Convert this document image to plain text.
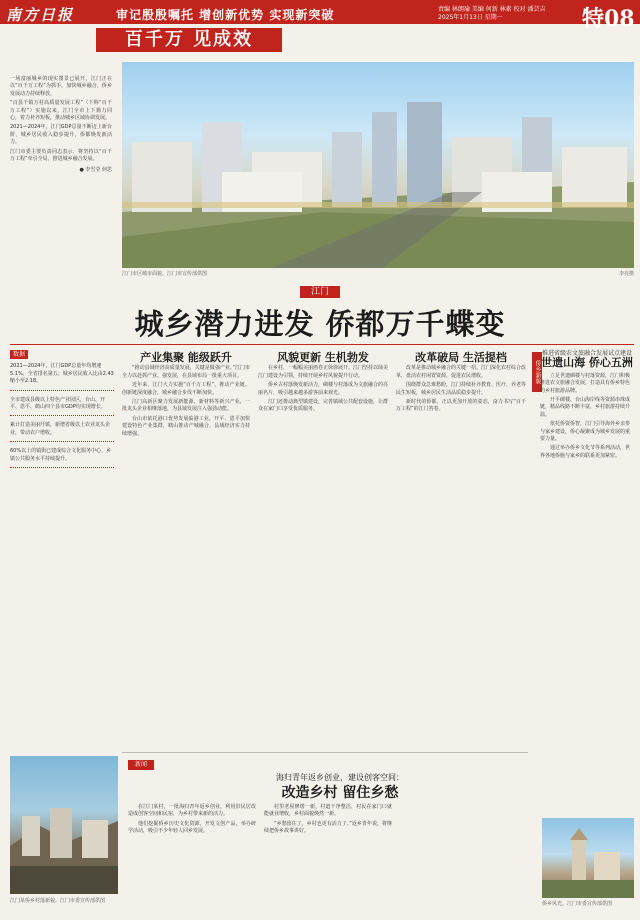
南方日报	审记殷殷嘱托 增创新优势 实现新突破
百千万 见成效
责编 林朗瑜 美编 何新 林素 校对 潘芸吉
2025年1月13日 星期一	特08

一场富丽城乡的现实图景已展开，江门正在以“百千万工程”为抓手，加快城乡融合，侨乡发展动力持续释放。

“百县千镇万村高质量发展工程”（下称“百千万工程”）实施以来，江门全市上下勠力同心，着力补齐短板，推动城乡区域协调发展。

2021—2024年，江门GDP总量不断迈上新台阶，城乡居民收入稳步提升，侨都焕发新活力。

江门市委主要负责同志表示，将坚持以“百千万工程”牵引全局，推进城乡融合发展。

● 李雪莹 何思
江门市区城市面貌。江门市宣传部供图	李亮摄
江门
城乡潜力进发 侨都万千蝶变
数据
2021—2024年，江门GDP总量年均增速5.1%，全省排名第五；城乡居民收入比由2.43缩小至2.18。
全市建成县级以上特色产业园区，台山、开平、恩平、鹤山四个县市GDP均实现增长。
累计打造美丽圩镇，新增省级以上农业龙头企业，带动农户增收。
60%以上的镇街已建成综合文化服务中心，乡镇公共服务水平持续提升。
产业集聚 能级跃升

“推动县域经济高质量发展，关键是做强产业。”江门市全力以赴抓产业、强发展，在县域布局一批重大项目。

近年来，江门大力实施“百千万工程”，推动产业链、创新链深度融合，城乡融合步伐不断加快。

江门高新区聚力发展新能源、新材料等新兴产业，一批龙头企业相继落地，为县域发展注入强劲动能。

台山市依托港口优势发展临港工业，开平、恩平加快建设特色产业集群，鹤山推动产城融合，县域经济实力持续增强。

风貌更新 生机勃发

在乡村，一幅幅美丽画卷正徐徐展开。江门坚持以绿美江门建设为引领，持续开展乡村风貌提升行动。

侨乡古村落焕发新活力，碉楼与村落成为文旅融合的亮丽名片，吸引越来越多游客前来观光。

江门还推动典型镇建设，完善镇域公共配套设施，让群众在家门口享受优质服务。

改革破局 生活提档

改革是推动城乡融合的关键一招。江门深化农村综合改革，盘活农村闲置资源，促进农民增收。

围绕群众急难愁盼，江门持续补齐教育、医疗、养老等民生短板，城乡居民生活品质稳步提升。

新时代的侨都，正以更加开放的姿态，奋力书写“百千万工程”的江门答卷。

侨乡新貌
推进省级农文旅融合发展试点建设
世遗山海 侨心五洲

立足世遗碉楼与村落资源，江门积极推进农文旅融合发展，打造具有侨乡特色的乡村旅游品牌。

开平碉楼、台山海岸线等资源串珠成链，精品线路不断丰富，乡村旅游持续升温。

依托侨资侨智，江门引导海外乡亲参与家乡建设，侨心凝聚成为城乡发展的重要力量。

通过举办侨乡文化节等系列活动，世界各地侨胞与家乡的联系更加紧密。

江门某侨乡村落新貌。江门市委宣传部供图
新闻
海归青年返乡创业，建设创客空间：
改造乡村 留住乡愁

在江门某村，一批海归青年返乡创业，利用旧民居改造成创客空间和民宿，为乡村带来新的活力。

他们挖掘侨乡历史文化资源，开发文创产品，举办研学活动，吸引不少年轻人回乡发展。

村里老屋修缮一新，村道干净整洁，村民在家门口就能就业增收，乡村面貌焕然一新。

“乡愁留住了，乡村也更有活力了。”返乡青年说，将继续把侨乡故事讲好。

侨乡风光。江门市委宣传部供图
